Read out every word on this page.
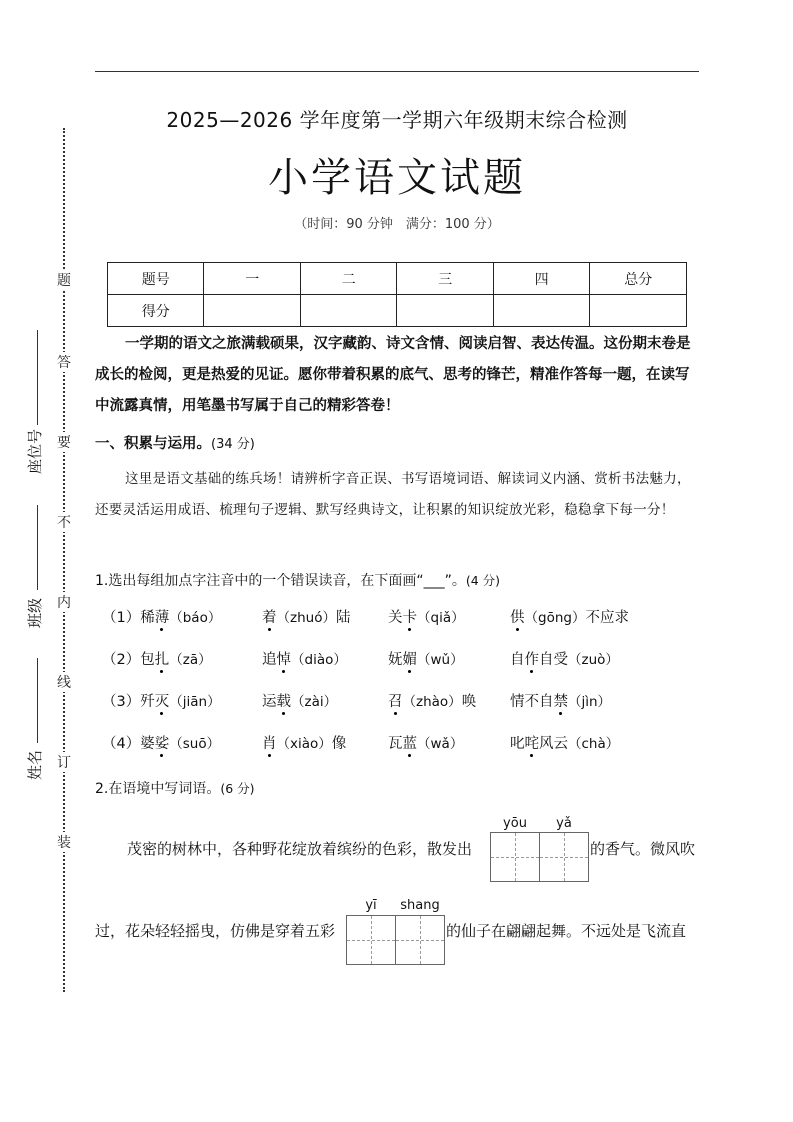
2025—2026 学年度第一学期六年级期末综合检测
小学语文试题
（时间：90 分钟　满分：100 分）
题号	一	二	三	四	总分
得分					
一学期的语文之旅满载硕果，汉字藏韵、诗文含情、阅读启智、表达传温。这份期末卷是成长的检阅，更是热爱的见证。愿你带着积累的底气、思考的锋芒，精准作答每一题，在读写中流露真情，用笔墨书写属于自己的精彩答卷！
一、积累与运用。(34 分)
这里是语文基础的练兵场！请辨析字音正误、书写语境词语、解读词义内涵、赏析书法魅力，还要灵活运用成语、梳理句子逻辑、默写经典诗文，让积累的知识绽放光彩，稳稳拿下每一分！
1.选出每组加点字注音中的一个错误读音，在下面画“___”。(4 分)
（1）稀薄（báo）	着（zhuó）陆	关卡（qiǎ）	供（gōng）不应求
（2）包扎（zā）	追悼（diào）	妩媚（wǔ）	自作自受（zuò）
（3）歼灭（jiān）	运载（zài）	召（zhào）唤 情不自禁（jìn）
（4）婆娑（suō）	肖（xiào）像	瓦蓝（wǎ）	叱咤风云（chà）
2.在语境中写词语。(6 分)
yōu	yǎ
茂密的树林中，各种野花绽放着缤纷的色彩，散发出	的香气。微风吹
yī	shang
过，花朵轻轻摇曳，仿佛是穿着五彩	的仙子在翩翩起舞。不远处是飞流直
题
答
要
不
内
线
订
装
座位号
班级
姓名
